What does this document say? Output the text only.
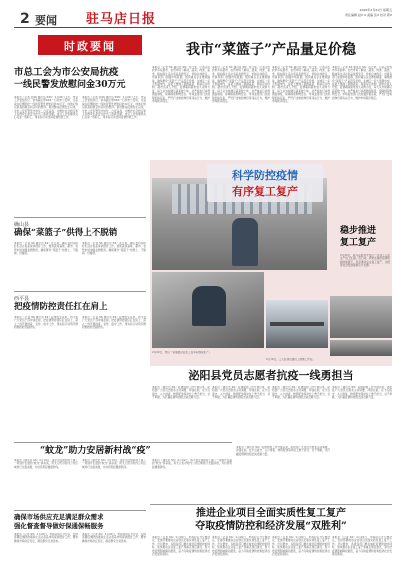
2 要闻 驻马店日报
2020年2月21日 星期五
责任编辑 赵X X 美编 张X 校对 郭X
时政要闻
市总工会为市公安局抗疫
一线民警发放慰问金30万元
本报讯（记者 张XX 通讯员 XXX）2月20日上午，市总工会党组书记、常务副主席XXX一行到市公安局，为奋战在疫情防控一线的民警发放慰问金30万元，向他们致以崇高的敬意和亲切的慰问。新冠肺炎疫情发生以来，全市公安民警坚守岗位、日夜奋战，为维护社会稳定和人民群众生命安全作出了积极贡献。市总工会将继续关心关爱一线职工，用实际行动支持疫情防控工作。
本报讯（记者 张XX 通讯员 XXX）2月20日上午，市总工会党组书记、常务副主席XXX一行到市公安局，为奋战在疫情防控一线的民警发放慰问金30万元，向他们致以崇高的敬意和亲切的慰问。新冠肺炎疫情发生以来，全市公安民警坚守岗位、日夜奋战，为维护社会稳定和人民群众生命安全作出了积极贡献。市总工会将继续关心关爱一线职工，用实际行动支持疫情防控工作。
确山县
确保“菜篮子”供得上不脱销
本报讯（记者 XX 通讯员 XX）连日来，确山县切实抓好生活必需品保供稳价工作，组织蔬菜基地、超市、农贸市场加强货源组织，确保群众“菜篮子”供得上、不脱销、价格稳。
本报讯（记者 XX 通讯员 XX）连日来，确山县切实抓好生活必需品保供稳价工作，组织蔬菜基地、超市、农贸市场加强货源组织，确保群众“菜篮子”供得上、不脱销、价格稳。
西平县
把疫情防控责任扛在肩上
本报讯（记者 XX 通讯员 XX）疫情发生以来，西平县广大党员干部冲锋在前，把疫情防控责任扛在肩上，深入一线开展排查、宣传、值守工作，用实际行动筑牢群防群控的坚固防线。
本报讯（记者 XX 通讯员 XX）疫情发生以来，西平县广大党员干部冲锋在前，把疫情防控责任扛在肩上，深入一线开展排查、宣传、值守工作，用实际行动筑牢群防群控的坚固防线。
“蚊龙”助力安居新村战“疫”
本报讯（通讯员 XX）2月19日，遂平县安居新村上演了一场别开生面的“蚊龙”消杀战，用无人机对村内公共区域进行全面消毒，为村民筑起健康防线。
本报讯（通讯员 XX）2月19日，遂平县安居新村上演了一场别开生面的“蚊龙”消杀战，用无人机对村内公共区域进行全面消毒，为村民筑起健康防线。
本报讯（通讯员 XX）2月19日，遂平县安居新村上演了一场别开生面的“蚊龙”消杀战，用无人机对村内公共区域进行全面消毒，为村民筑起健康防线。
确保市场供应充足满足群众需求
强化督查督导做好保通保畅服务
本报讯（记者 XX）2月20日，市商务局召开会议，安排部署疫情防控期间生活必需品市场保供稳价工作，要求确保市场供应充足，满足群众日常需求。
本报讯（记者 XX）2月20日，市商务局召开会议，安排部署疫情防控期间生活必需品市场保供稳价工作，要求确保市场供应充足，满足群众日常需求。
我市“菜篮子”产品量足价稳
本报讯（记者 XX 通讯员 XX）连日来，记者走访我市多家超市、农贸市场了解到，蔬菜、肉类、蛋类、粮油等生活必需品货源充足，价格总体稳定。市商务部门加强市场监测，组织重点企业增加储备，确保群众“菜篮子”产品量足价稳。在城区一家大型超市内，货架上摆满了新鲜蔬菜，顾客有序选购。超市负责人介绍，疫情期间超市加大采购力度，每天从外地调运蔬菜数十吨，并严格执行消毒测温制度，保障顾客购物安全。市场监管部门也加强价格巡查，严厉打击哄抬物价等违法行为，维护市场秩序稳定。
本报讯（记者 XX 通讯员 XX）连日来，记者走访我市多家超市、农贸市场了解到，蔬菜、肉类、蛋类、粮油等生活必需品货源充足，价格总体稳定。市商务部门加强市场监测，组织重点企业增加储备，确保群众“菜篮子”产品量足价稳。在城区一家大型超市内，货架上摆满了新鲜蔬菜，顾客有序选购。超市负责人介绍，疫情期间超市加大采购力度，每天从外地调运蔬菜数十吨，并严格执行消毒测温制度，保障顾客购物安全。市场监管部门也加强价格巡查，严厉打击哄抬物价等违法行为，维护市场秩序稳定。
本报讯（记者 XX 通讯员 XX）连日来，记者走访我市多家超市、农贸市场了解到，蔬菜、肉类、蛋类、粮油等生活必需品货源充足，价格总体稳定。市商务部门加强市场监测，组织重点企业增加储备，确保群众“菜篮子”产品量足价稳。在城区一家大型超市内，货架上摆满了新鲜蔬菜，顾客有序选购。超市负责人介绍，疫情期间超市加大采购力度，每天从外地调运蔬菜数十吨，并严格执行消毒测温制度，保障顾客购物安全。市场监管部门也加强价格巡查，严厉打击哄抬物价等违法行为，维护市场秩序稳定。
本报讯（记者 XX 通讯员 XX）连日来，记者走访我市多家超市、农贸市场了解到，蔬菜、肉类、蛋类、粮油等生活必需品货源充足，价格总体稳定。市商务部门加强市场监测，组织重点企业增加储备，确保群众“菜篮子”产品量足价稳。在城区一家大型超市内，货架上摆满了新鲜蔬菜，顾客有序选购。超市负责人介绍，疫情期间超市加大采购力度，每天从外地调运蔬菜数十吨，并严格执行消毒测温制度，保障顾客购物安全。市场监管部门也加强价格巡查，严厉打击哄抬物价等违法行为，维护市场秩序稳定。
科学防控疫情
有序复工复产
稳步推进
复工复产
2月20日，驻马店经济开发区一企业工人在生产线上忙碌。连日来，我市在做好疫情防控的前提下，有序推动企业复工复产，为经济社会发展提供有力支撑。
2月20日，市区一家服装企业员工在车间加紧生产。
2月19日，工人在项目建设工地施工作业。
泌阳县党员志愿者抗疫一线勇担当
本报讯（通讯员 XX）疫情防控工作开展以来，泌阳县广大党员志愿者主动请缨、冲锋在前，在卡点值守、入户排查、物资配送等岗位上勇于担当、甘于奉献，为打赢疫情防控阻击战贡献力量。
本报讯（通讯员 XX）疫情防控工作开展以来，泌阳县广大党员志愿者主动请缨、冲锋在前，在卡点值守、入户排查、物资配送等岗位上勇于担当、甘于奉献，为打赢疫情防控阻击战贡献力量。
本报讯（通讯员 XX）疫情防控工作开展以来，泌阳县广大党员志愿者主动请缨、冲锋在前，在卡点值守、入户排查、物资配送等岗位上勇于担当、甘于奉献，为打赢疫情防控阻击战贡献力量。
本报讯（通讯员 XX）疫情防控工作开展以来，泌阳县广大党员志愿者主动请缨、冲锋在前，在卡点值守、入户排查、物资配送等岗位上勇于担当、甘于奉献，为打赢疫情防控阻击战贡献力量。
本报讯（通讯员 XX）疫情防控工作开展以来，泌阳县广大党员志愿者主动请缨、冲锋在前，在卡点值守、入户排查、物资配送等岗位上勇于担当、甘于奉献，为打赢疫情防控阻击战贡献力量。
推进企业项目全面实质性复工复产
夺取疫情防控和经济发展“双胜利”
本报讯（记者 XX）2月20日，市政府召开专题会议，安排部署推进企业项目全面实质性复工复产工作。会议要求，各级各部门要在做好疫情防控的同时，加快推动企业复工复产和重点项目建设，努力把疫情影响降到最低，奋力夺取疫情防控和经济社会发展双胜利。
本报讯（记者 XX）2月20日，市政府召开专题会议，安排部署推进企业项目全面实质性复工复产工作。会议要求，各级各部门要在做好疫情防控的同时，加快推动企业复工复产和重点项目建设，努力把疫情影响降到最低，奋力夺取疫情防控和经济社会发展双胜利。
本报讯（记者 XX）2月20日，市政府召开专题会议，安排部署推进企业项目全面实质性复工复产工作。会议要求，各级各部门要在做好疫情防控的同时，加快推动企业复工复产和重点项目建设，努力把疫情影响降到最低，奋力夺取疫情防控和经济社会发展双胜利。
本报讯（记者 XX）2月20日，市政府召开专题会议，安排部署推进企业项目全面实质性复工复产工作。会议要求，各级各部门要在做好疫情防控的同时，加快推动企业复工复产和重点项目建设，努力把疫情影响降到最低，奋力夺取疫情防控和经济社会发展双胜利。
